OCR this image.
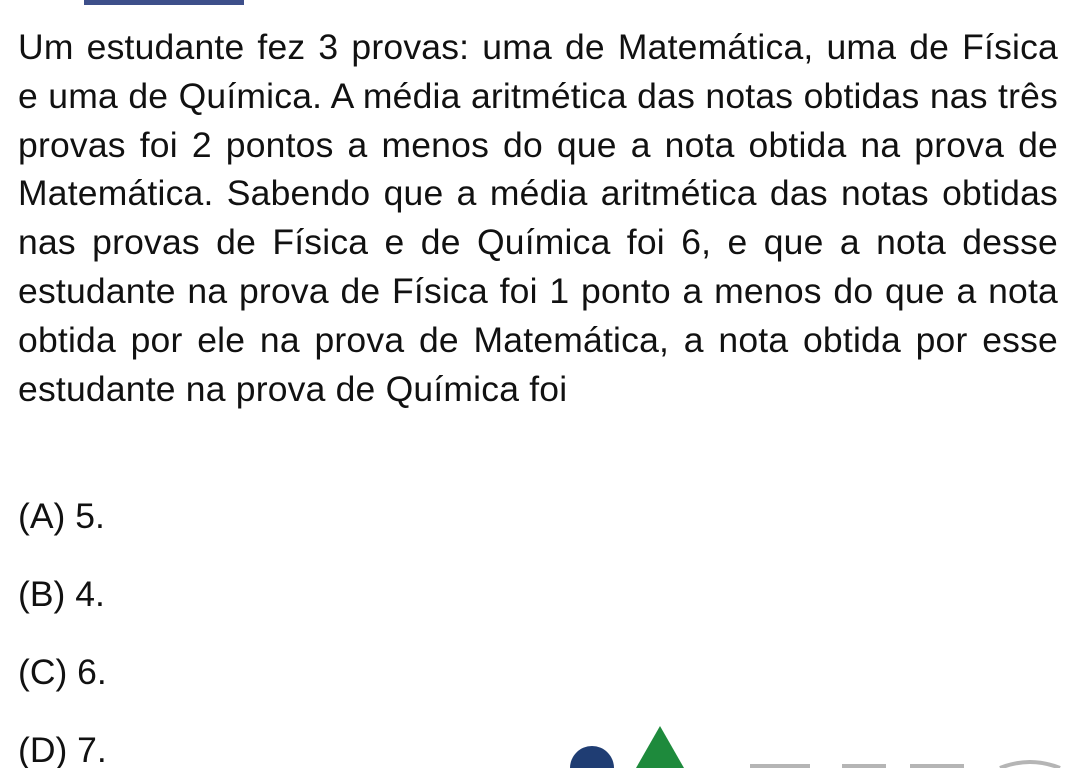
Um estudante fez 3 provas: uma de Matemática, uma de Física e uma de Química. A média aritmética das notas obtidas nas três provas foi 2 pontos a menos do que a nota obtida na prova de Matemática. Sabendo que a média aritmética das notas obtidas nas provas de Física e de Química foi 6, e que a nota desse estudante na prova de Física foi 1 ponto a menos do que a nota obtida por ele na prova de Matemática, a nota obtida por esse estudante na prova de Química foi

(A) 5.
(B) 4.
(C) 6.
(D) 7.
